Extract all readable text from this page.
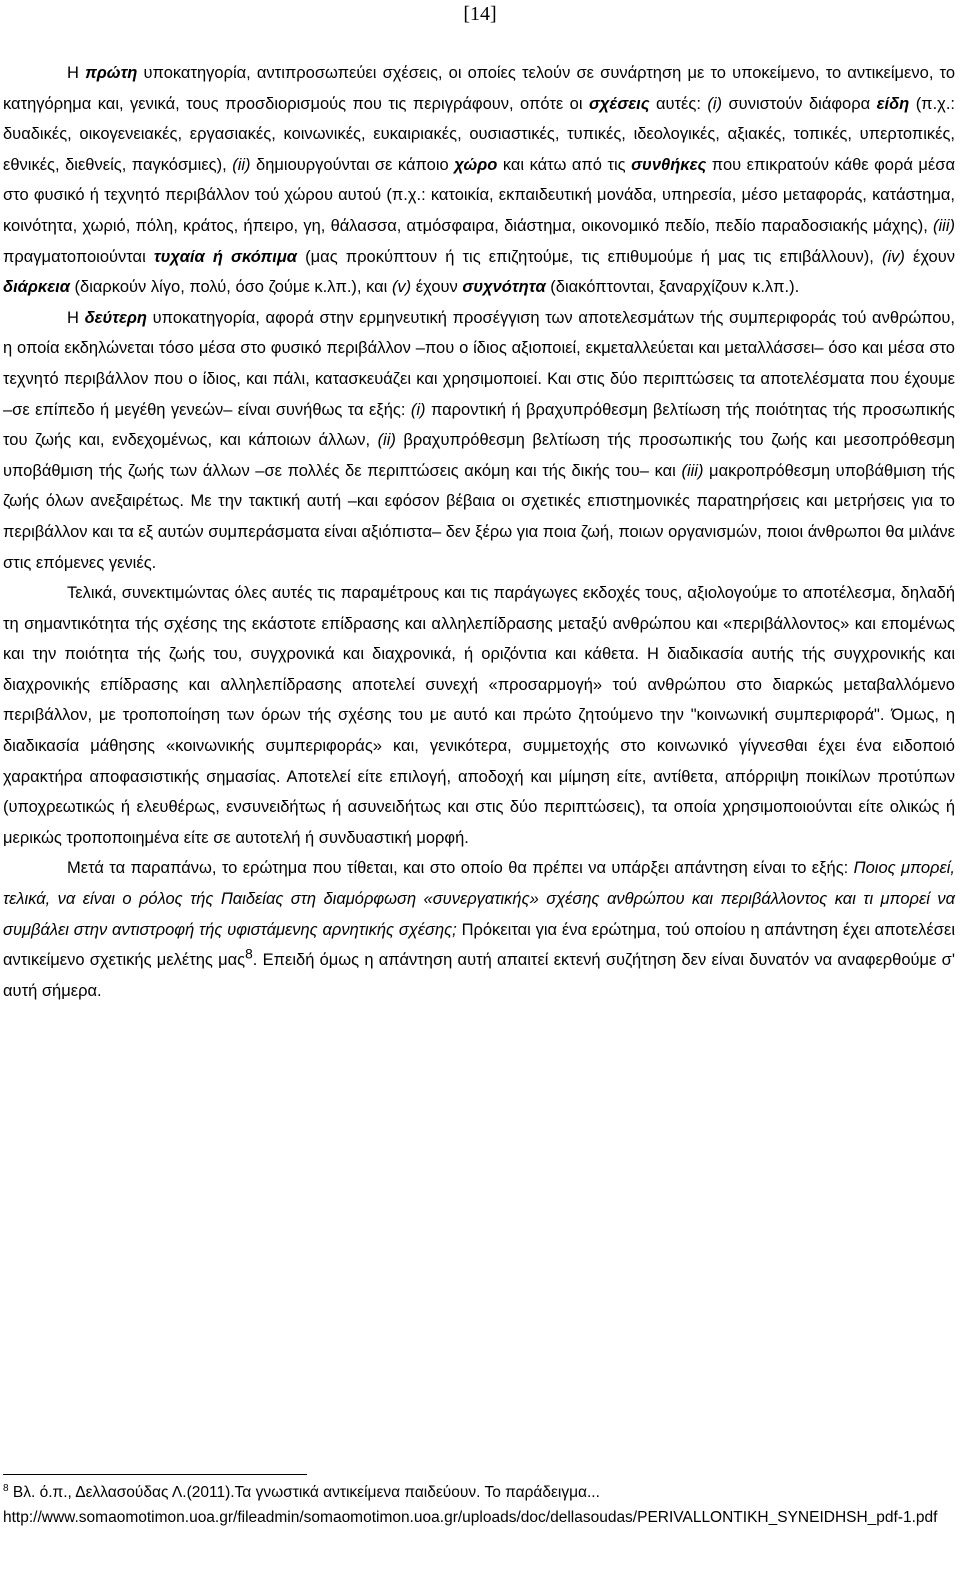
[14]

Η πρώτη υποκατηγορία, αντιπροσωπεύει σχέσεις, οι οποίες τελούν σε συνάρτηση με το υποκείμενο, το αντικείμενο, το κατηγόρημα και, γενικά, τους προσδιορισμούς που τις περιγράφουν, οπότε οι σχέσεις αυτές: (i) συνιστούν διάφορα είδη (π.χ.: δυαδικές, οικογενειακές, εργασιακές, κοινωνικές, ευκαιριακές, ουσιαστικές, τυπικές, ιδεολογικές, αξιακές, τοπικές, υπερτοπικές, εθνικές, διεθνείς, παγκόσμιες), (ii) δημιουργούνται σε κάποιο χώρο και κάτω από τις συνθήκες που επικρατούν κάθε φορά μέσα στο φυσικό ή τεχνητό περιβάλλον τού χώρου αυτού (π.χ.: κατοικία, εκπαιδευτική μονάδα, υπηρεσία, μέσο μεταφοράς, κατάστημα, κοινότητα, χωριό, πόλη, κράτος, ήπειρο, γη, θάλασσα, ατμόσφαιρα, διάστημα, οικονομικό πεδίο, πεδίο παραδοσιακής μάχης), (iii) πραγματοποιούνται τυχαία ή σκόπιμα (μας προκύπτουν ή τις επιζητούμε, τις επιθυμούμε ή μας τις επιβάλλουν), (iv) έχουν διάρκεια (διαρκούν λίγο, πολύ, όσο ζούμε κ.λπ.), και (v) έχουν συχνότητα (διακόπτονται, ξαναρχίζουν κ.λπ.).

Η δεύτερη υποκατηγορία, αφορά στην ερμηνευτική προσέγγιση των αποτελεσμάτων τής συμπεριφοράς τού ανθρώπου, η οποία εκδηλώνεται τόσο μέσα στο φυσικό περιβάλλον –που ο ίδιος αξιοποιεί, εκμεταλλεύεται και μεταλλάσσει– όσο και μέσα στο τεχνητό περιβάλλον που ο ίδιος, και πάλι, κατασκευάζει και χρησιμοποιεί. Και στις δύο περιπτώσεις τα αποτελέσματα που έχουμε –σε επίπεδο ή μεγέθη γενεών– είναι συνήθως τα εξής: (i) παροντική ή βραχυπρόθεσμη βελτίωση τής ποιότητας τής προσωπικής του ζωής και, ενδεχομένως, και κάποιων άλλων, (ii) βραχυπρόθεσμη βελτίωση τής προσωπικής του ζωής και μεσοπρόθεσμη υποβάθμιση τής ζωής των άλλων –σε πολλές δε περιπτώσεις ακόμη και τής δικής του– και (iii) μακροπρόθεσμη υποβάθμιση τής ζωής όλων ανεξαιρέτως. Με την τακτική αυτή –και εφόσον βέβαια οι σχετικές επιστημονικές παρατηρήσεις και μετρήσεις για το περιβάλλον και τα εξ αυτών συμπεράσματα είναι αξιόπιστα– δεν ξέρω για ποια ζωή, ποιων οργανισμών, ποιοι άνθρωποι θα μιλάνε στις επόμενες γενιές.

Τελικά, συνεκτιμώντας όλες αυτές τις παραμέτρους και τις παράγωγες εκδοχές τους, αξιολογούμε το αποτέλεσμα, δηλαδή τη σημαντικότητα τής σχέσης της εκάστοτε επίδρασης και αλληλεπίδρασης μεταξύ ανθρώπου και «περιβάλλοντος» και επομένως και την ποιότητα τής ζωής του, συγχρονικά και διαχρονικά, ή οριζόντια και κάθετα. Η διαδικασία αυτής τής συγχρονικής και διαχρονικής επίδρασης και αλληλεπίδρασης αποτελεί συνεχή «προσαρμογή» τού ανθρώπου στο διαρκώς μεταβαλλόμενο περιβάλλον, με τροποποίηση των όρων τής σχέσης του με αυτό και πρώτο ζητούμενο την "κοινωνική συμπεριφορά". Όμως, η διαδικασία μάθησης «κοινωνικής συμπεριφοράς» και, γενικότερα, συμμετοχής στο κοινωνικό γίγνεσθαι έχει ένα ειδοποιό χαρακτήρα αποφασιστικής σημασίας. Αποτελεί είτε επιλογή, αποδοχή και μίμηση είτε, αντίθετα, απόρριψη ποικίλων προτύπων (υποχρεωτικώς ή ελευθέρως, ενσυνειδήτως ή ασυνειδήτως και στις δύο περιπτώσεις), τα οποία χρησιμοποιούνται είτε ολικώς ή μερικώς τροποποιημένα είτε σε αυτοτελή ή συνδυαστική μορφή.

Μετά τα παραπάνω, το ερώτημα που τίθεται, και στο οποίο θα πρέπει να υπάρξει απάντηση είναι το εξής: Ποιος μπορεί, τελικά, να είναι ο ρόλος τής Παιδείας στη διαμόρφωση «συνεργατικής» σχέσης ανθρώπου και περιβάλλοντος και τι μπορεί να συμβάλει στην αντιστροφή τής υφιστάμενης αρνητικής σχέσης; Πρόκειται για ένα ερώτημα, τού οποίου η απάντηση έχει αποτελέσει αντικείμενο σχετικής μελέτης μας$^8$. Επειδή όμως η απάντηση αυτή απαιτεί εκτενή συζήτηση δεν είναι δυνατόν να αναφερθούμε σ' αυτή σήμερα.

$^8$ Βλ. ό.π., Δελλασούδας Λ.(2011).Τα γνωστικά αντικείμενα παιδεύουν. Το παράδειγμα...
http://www.somaomotimon.uoa.gr/fileadmin/somaomotimon.uoa.gr/uploads/doc/dellasoudas/PERIVALLONTIKH_SYNEIDHSH_pdf-1.pdf
